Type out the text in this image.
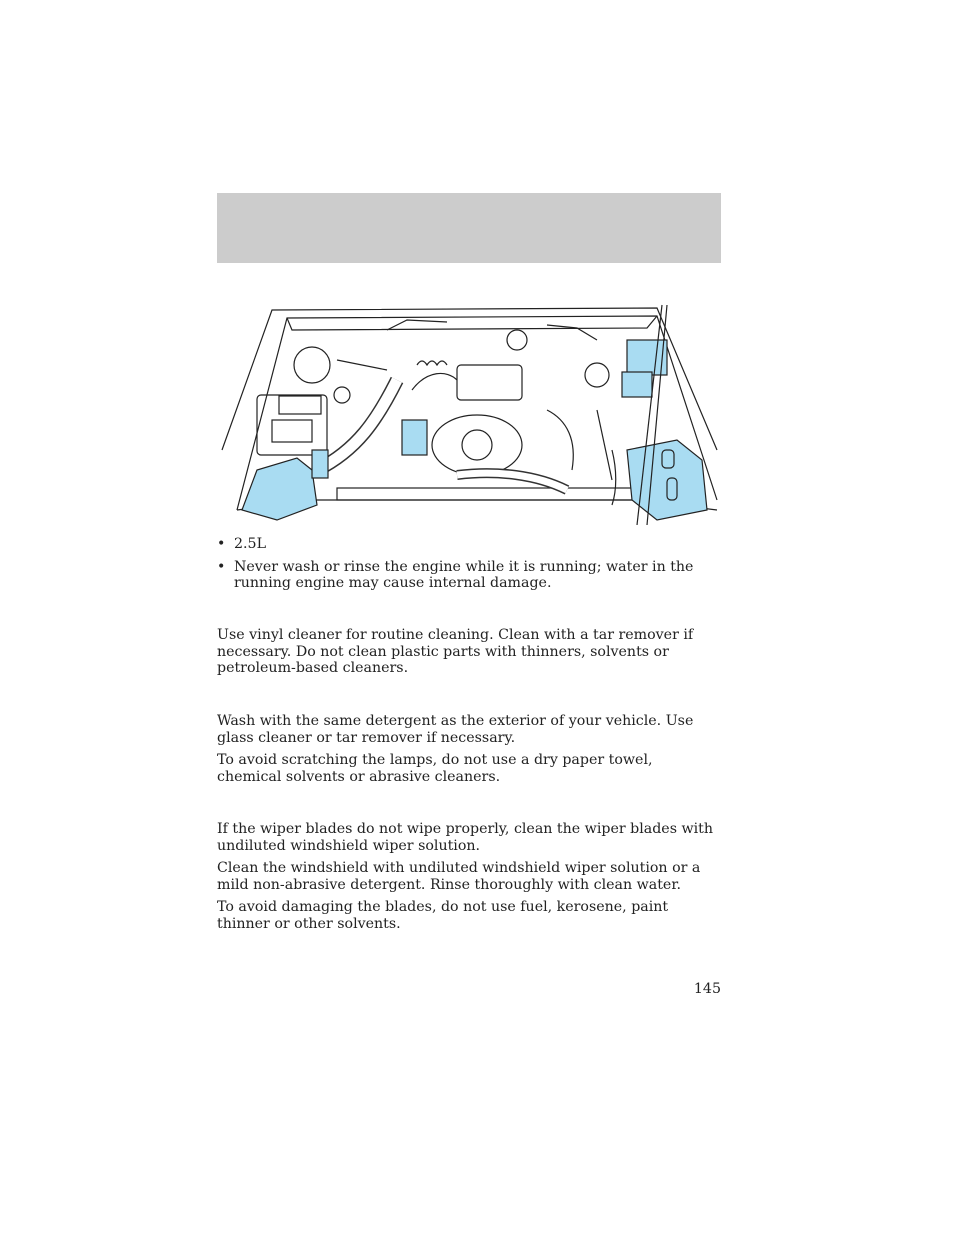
• 2.5L
• Never wash or rinse the engine while it is running; water in the running engine may cause internal damage.

Use vinyl cleaner for routine cleaning. Clean with a tar remover if necessary. Do not clean plastic parts with thinners, solvents or petroleum-based cleaners.

Wash with the same detergent as the exterior of your vehicle. Use glass cleaner or tar remover if necessary.

To avoid scratching the lamps, do not use a dry paper towel, chemical solvents or abrasive cleaners.

If the wiper blades do not wipe properly, clean the wiper blades with undiluted windshield wiper solution.

Clean the windshield with undiluted windshield wiper solution or a mild non-abrasive detergent. Rinse thoroughly with clean water.

To avoid damaging the blades, do not use fuel, kerosene, paint thinner or other solvents.

145
